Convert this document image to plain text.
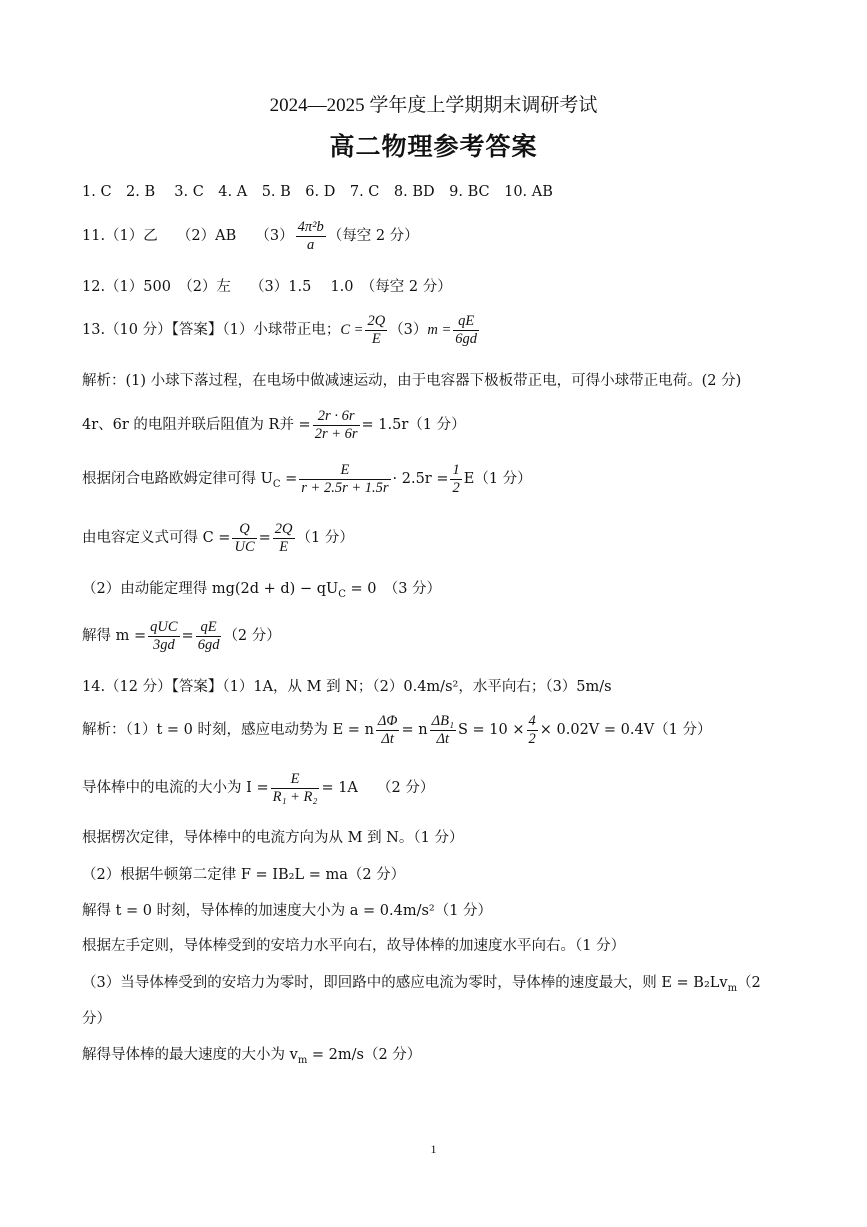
2024—2025 学年度上学期期末调研考试
高二物理参考答案
1. C　2. B　 3. C　4. A　5. B　6. D　7. C　8. BD　9. BC　10. AB
11.（1）乙　 （2）AB　 $(3) \frac{\text{4π²b}}{a}$ （每空 2 分）
12.（1）500　（2）左　 （3）1.5　 1.0　（每空 2 分）
13.（10 分）【答案】（1）小球带正电；$C = \frac{2Q}{E} (3)m = \frac{qE}{6gd}$
解析：(1) 小球下落过程，在电场中做减速运动，由于电容器下极板带正电，可得小球带正电荷。(2 分)
4r、6r 的电阻并联后阻值为 R并 = $\frac{2r \cdot 6r}{2r + 6r} = 1.5r(1$ 分）
根据闭合电路欧姆定律可得 $U_C = \frac{E}{r + 2.5r + 1.5r} \cdot 2.5r = \frac{1}{2} E(1$ 分）
由电容定义式可得 $C = \frac{Q}{UC} = \frac{2Q}{E} (1$ 分）
（2）由动能定理得 $mg(2d + d) - qU_C = 0$　（3 分）
解得 $m = \frac{\text{qUC}}{3gd} = \frac{qE}{6gd} (2$ 分）
14.（12 分）【答案】（1）1A，从 M 到 N；（2）0.4m/s²，水平向右；（3）5m/s
解析：（1）t = 0 时刻，感应电动势为 E = n $\frac{\Delta\Phi}{\Delta t} = n \frac{\text{ΔB₁}}{\Delta t}$ $S = 10 \times \frac{4}{2} \times 0.02V = 0.4V(1$ 分）
导体棒中的电流的大小为 $I = \frac{E}{\text{R₁ + R₂}} = 1A$　 （2 分）
根据楞次定律，导体棒中的电流方向为从 M 到 N。（1 分）
（2）根据牛顿第二定律 F = IB₂L = ma（2 分）
解得 t = 0 时刻，导体棒的加速度大小为 a = 0.4m/s²（1 分）
根据左手定则，导体棒受到的安培力水平向右，故导体棒的加速度水平向右。（1 分）
（3）当导体棒受到的安培力为零时，即回路中的感应电流为零时，导体棒的速度最大，则 $E = B_2Lv_m(2$
分）
解得导体棒的最大速度的大小为 $v_m = 2m/s(2$ 分）
1
